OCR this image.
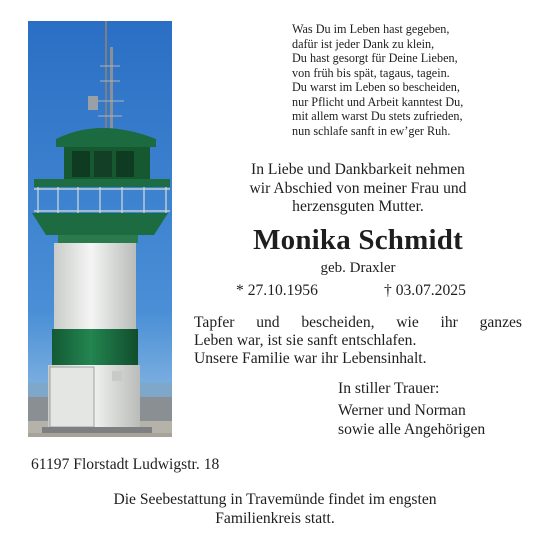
Was Du im Leben hast gegeben,
dafür ist jeder Dank zu klein,
Du hast gesorgt für Deine Lieben,
von früh bis spät, tagaus, tagein.
Du warst im Leben so bescheiden,
nur Pflicht und Arbeit kanntest Du,
mit allem warst Du stets zufrieden,
nun schlafe sanft in ew’ger Ruh.
In Liebe und Dankbarkeit nehmen
wir Abschied von meiner Frau und
herzensguten Mutter.
Monika Schmidt
geb. Draxler
* 27.10.1956	† 03.07.2025
Tapfer und bescheiden, wie ihr ganzes
Leben war, ist sie sanft entschlafen.
Unsere Familie war ihr Lebensinhalt.
In stiller Trauer:
Werner und Norman
sowie alle Angehörigen
61197 Florstadt Ludwigstr. 18
Die Seebestattung in Travemünde findet im engsten
Familienkreis statt.
